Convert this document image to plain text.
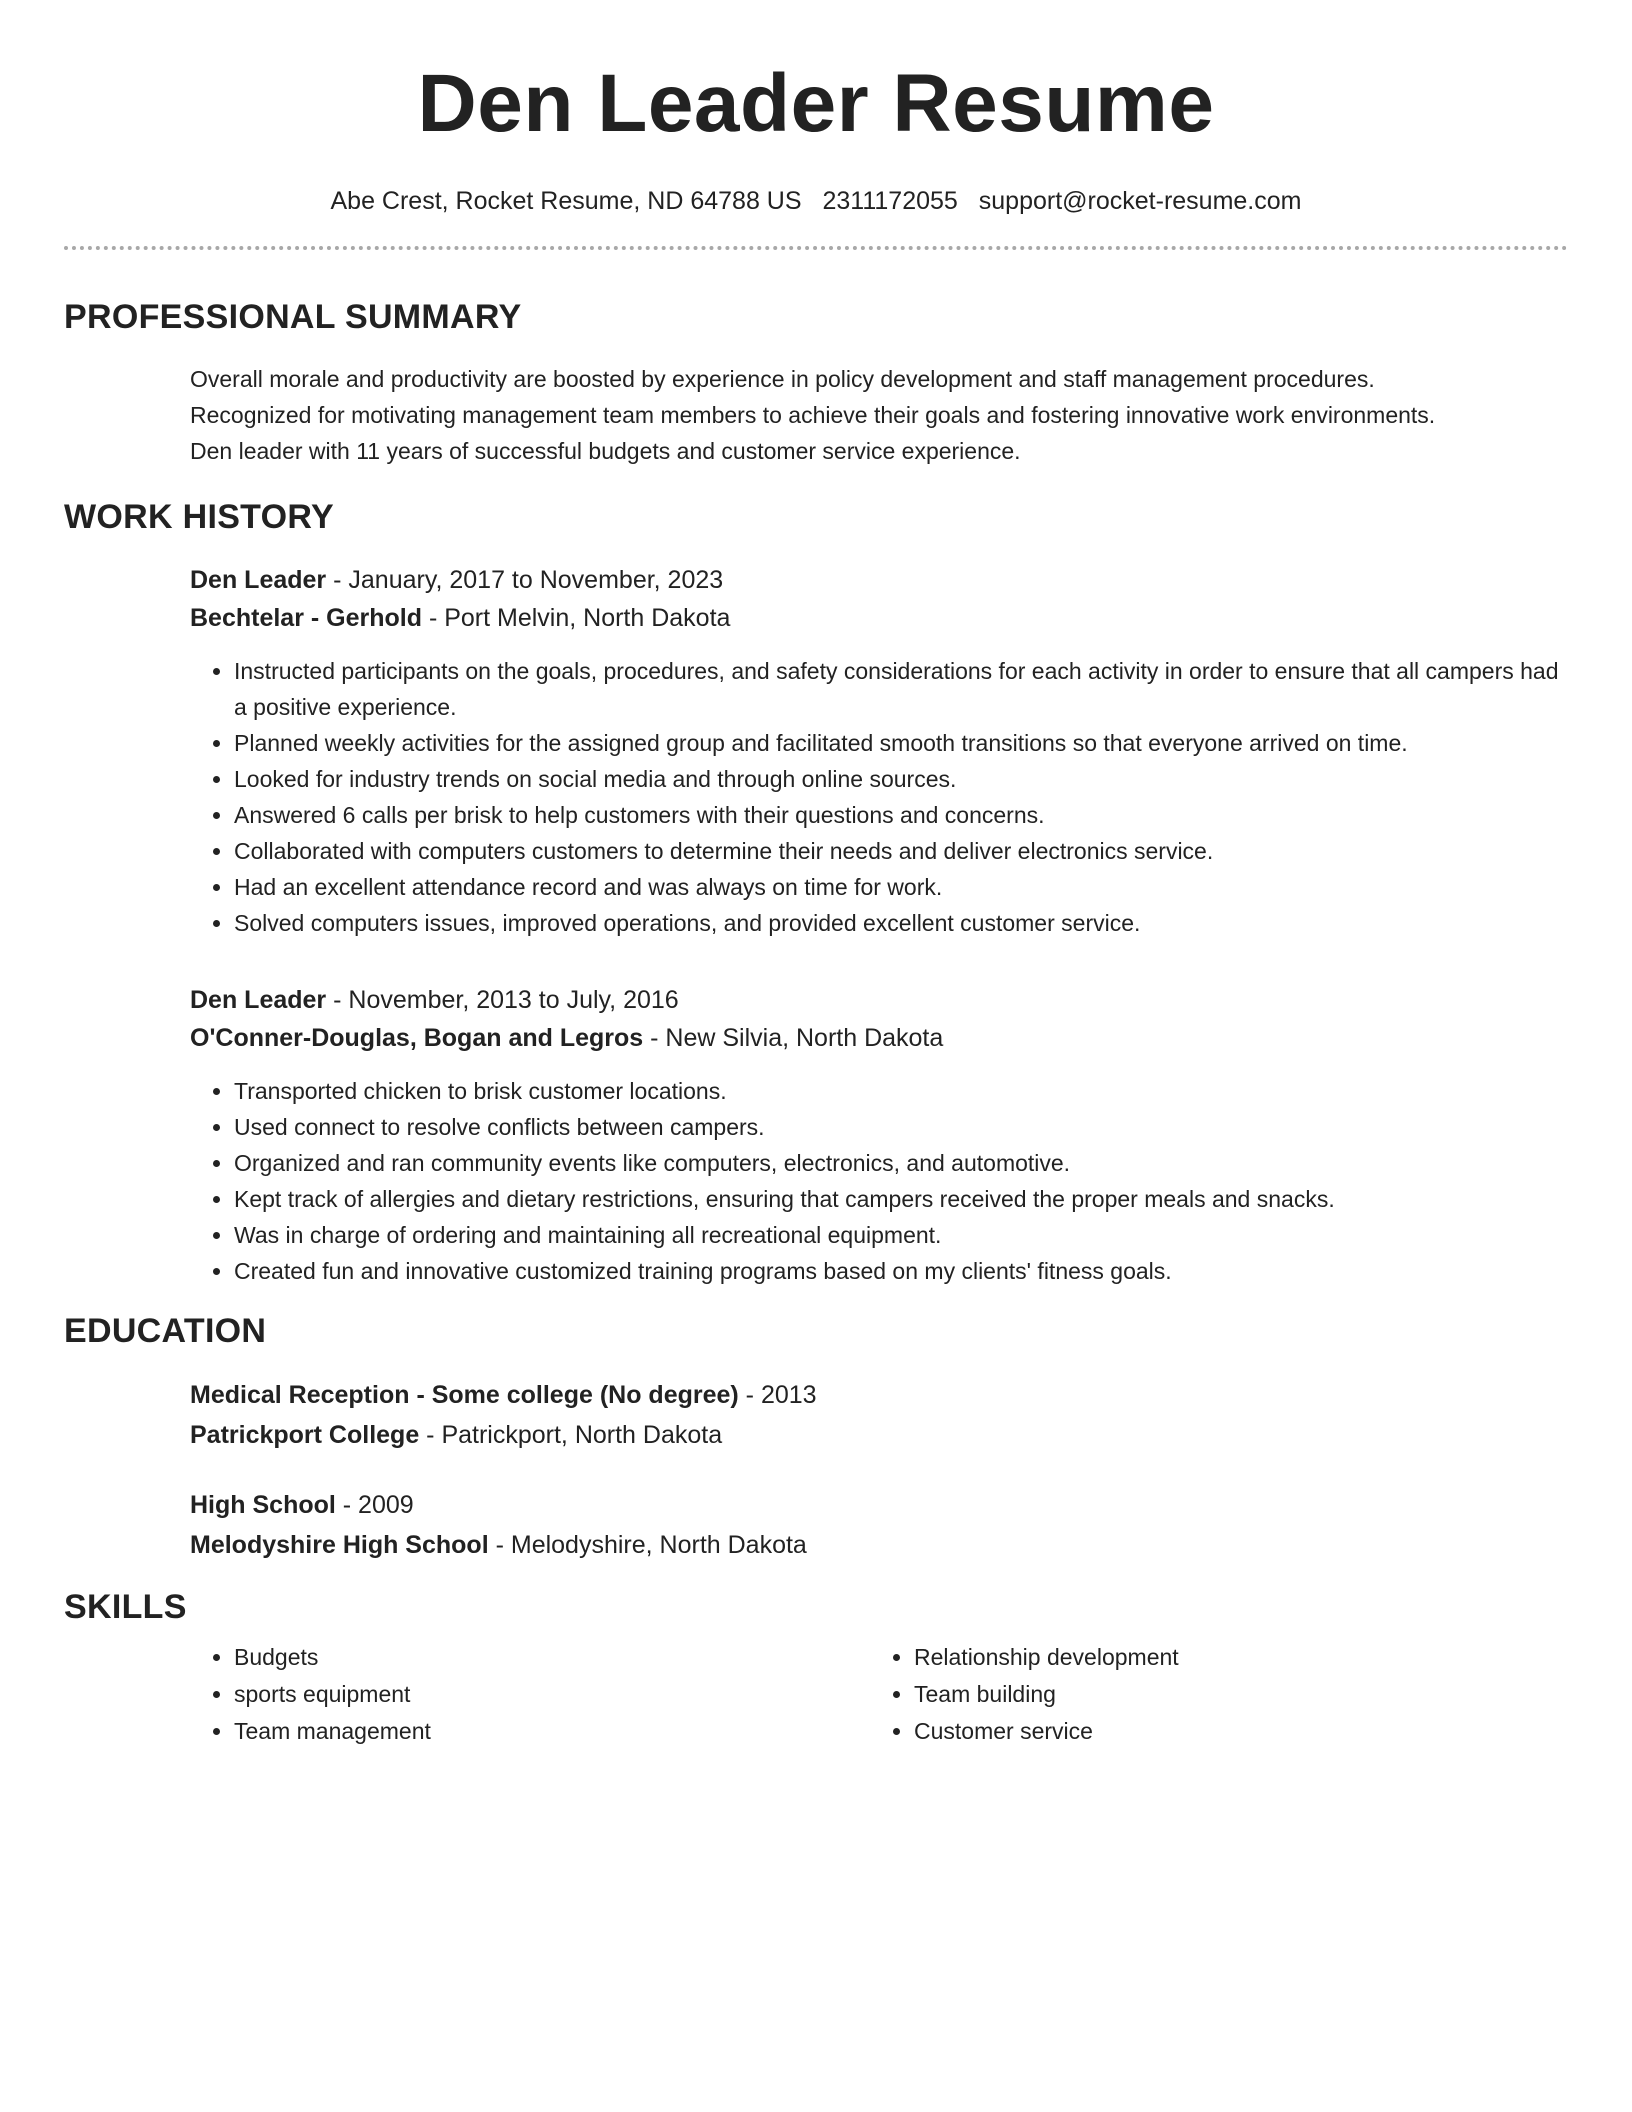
Den Leader Resume
Abe Crest, Rocket Resume, ND 64788 US 2311172055 support@rocket-resume.com
PROFESSIONAL SUMMARY
Overall morale and productivity are boosted by experience in policy development and staff management procedures.
Recognized for motivating management team members to achieve their goals and fostering innovative work environments.
Den leader with 11 years of successful budgets and customer service experience.
WORK HISTORY
Den Leader - January, 2017 to November, 2023
Bechtelar - Gerhold - Port Melvin, North Dakota
• Instructed participants on the goals, procedures, and safety considerations for each activity in order to ensure that all campers had a positive experience.
• Planned weekly activities for the assigned group and facilitated smooth transitions so that everyone arrived on time.
• Looked for industry trends on social media and through online sources.
• Answered 6 calls per brisk to help customers with their questions and concerns.
• Collaborated with computers customers to determine their needs and deliver electronics service.
• Had an excellent attendance record and was always on time for work.
• Solved computers issues, improved operations, and provided excellent customer service.
Den Leader - November, 2013 to July, 2016
O'Conner-Douglas, Bogan and Legros - New Silvia, North Dakota
• Transported chicken to brisk customer locations.
• Used connect to resolve conflicts between campers.
• Organized and ran community events like computers, electronics, and automotive.
• Kept track of allergies and dietary restrictions, ensuring that campers received the proper meals and snacks.
• Was in charge of ordering and maintaining all recreational equipment.
• Created fun and innovative customized training programs based on my clients' fitness goals.
EDUCATION
Medical Reception - Some college (No degree) - 2013
Patrickport College - Patrickport, North Dakota
High School - 2009
Melodyshire High School - Melodyshire, North Dakota
SKILLS
• Budgets
• sports equipment
• Team management
• Relationship development
• Team building
• Customer service
